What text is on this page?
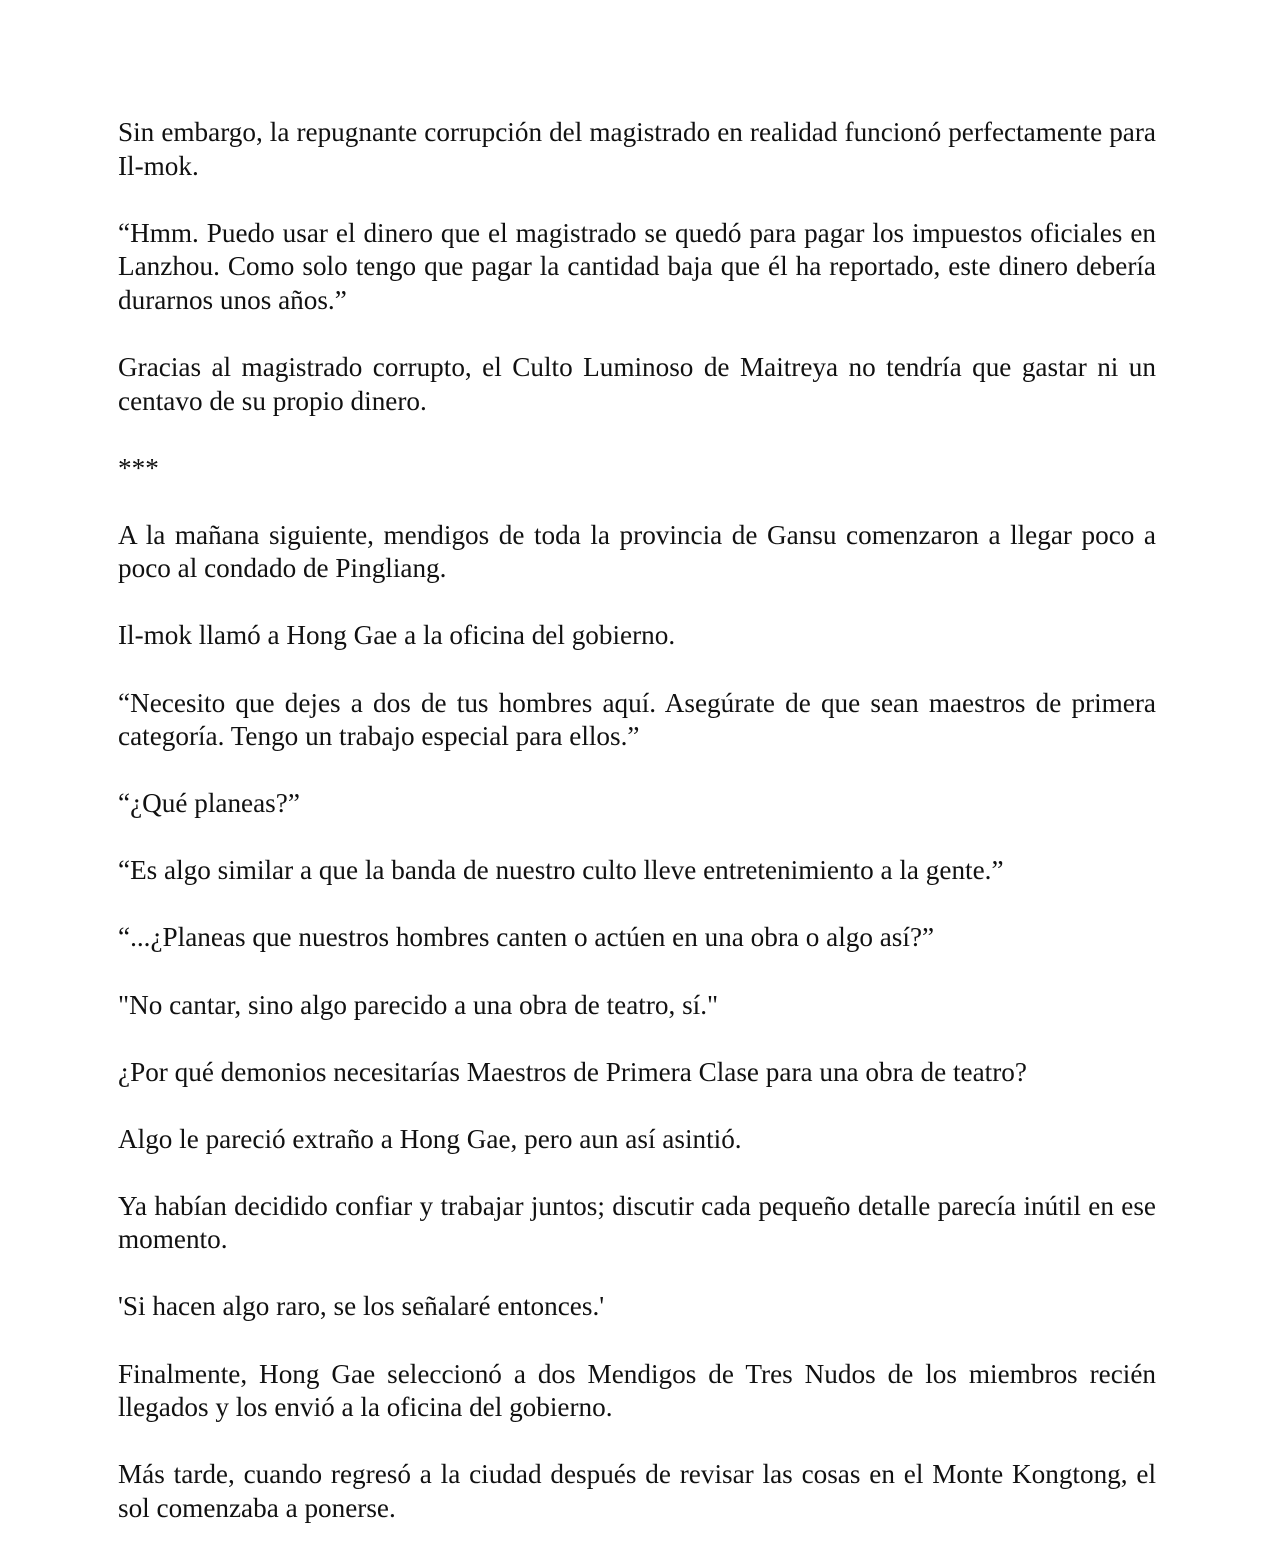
Sin embargo, la repugnante corrupción del magistrado en realidad funcionó perfectamente para Il-mok.

“Hmm. Puedo usar el dinero que el magistrado se quedó para pagar los impuestos oficiales en Lanzhou. Como solo tengo que pagar la cantidad baja que él ha reportado, este dinero debería durarnos unos años.”

Gracias al magistrado corrupto, el Culto Luminoso de Maitreya no tendría que gastar ni un centavo de su propio dinero.

***

A la mañana siguiente, mendigos de toda la provincia de Gansu comenzaron a llegar poco a poco al condado de Pingliang.

Il-mok llamó a Hong Gae a la oficina del gobierno.

“Necesito que dejes a dos de tus hombres aquí. Asegúrate de que sean maestros de primera categoría. Tengo un trabajo especial para ellos.”

“¿Qué planeas?”

“Es algo similar a que la banda de nuestro culto lleve entretenimiento a la gente.”

“...¿Planeas que nuestros hombres canten o actúen en una obra o algo así?”

"No cantar, sino algo parecido a una obra de teatro, sí."

¿Por qué demonios necesitarías Maestros de Primera Clase para una obra de teatro?

Algo le pareció extraño a Hong Gae, pero aun así asintió.

Ya habían decidido confiar y trabajar juntos; discutir cada pequeño detalle parecía inútil en ese momento.

'Si hacen algo raro, se los señalaré entonces.'

Finalmente, Hong Gae seleccionó a dos Mendigos de Tres Nudos de los miembros recién llegados y los envió a la oficina del gobierno.

Más tarde, cuando regresó a la ciudad después de revisar las cosas en el Monte Kongtong, el sol comenzaba a ponerse.
